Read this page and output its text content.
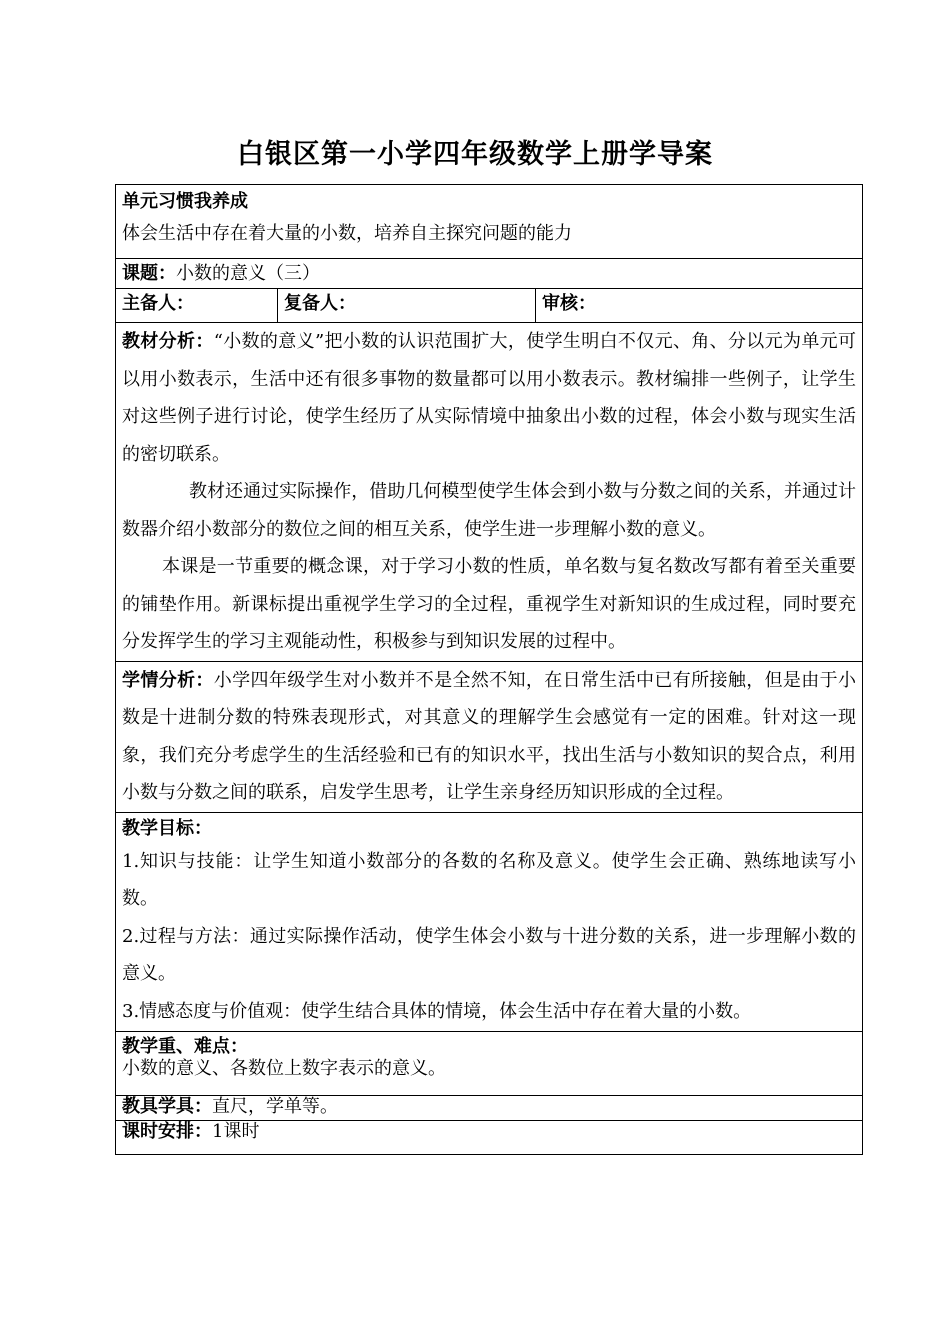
白银区第一小学四年级数学上册学导案
单元习惯我养成
体会生活中存在着大量的小数，培养自主探究问题的能力

课题：小数的意义（三）
主备人：	复备人：	审核：

教材分析：“小数的意义”把小数的认识范围扩大，使学生明白不仅元、角、分以元为单元可以用小数表示，生活中还有很多事物的数量都可以用小数表示。教材编排一些例子，让学生对这些例子进行讨论，使学生经历了从实际情境中抽象出小数的过程，体会小数与现实生活的密切联系。

教材还通过实际操作，借助几何模型使学生体会到小数与分数之间的关系，并通过计数器介绍小数部分的数位之间的相互关系，使学生进一步理解小数的意义。

本课是一节重要的概念课，对于学习小数的性质，单名数与复名数改写都有着至关重要的铺垫作用。新课标提出重视学生学习的全过程，重视学生对新知识的生成过程，同时要充分发挥学生的学习主观能动性，积极参与到知识发展的过程中。

学情分析：小学四年级学生对小数并不是全然不知，在日常生活中已有所接触，但是由于小数是十进制分数的特殊表现形式，对其意义的理解学生会感觉有一定的困难。针对这一现象，我们充分考虑学生的生活经验和已有的知识水平，找出生活与小数知识的契合点，利用小数与分数之间的联系，启发学生思考，让学生亲身经历知识形成的全过程。

教学目标：

1.知识与技能：让学生知道小数部分的各数的名称及意义。使学生会正确、熟练地读写小数。

2.过程与方法：通过实际操作活动，使学生体会小数与十进分数的关系，进一步理解小数的意义。

3.情感态度与价值观：使学生结合具体的情境，体会生活中存在着大量的小数。

教学重、难点：
小数的意义、各数位上数字表示的意义。

教具学具：直尺，学单等。
课时安排：1课时
